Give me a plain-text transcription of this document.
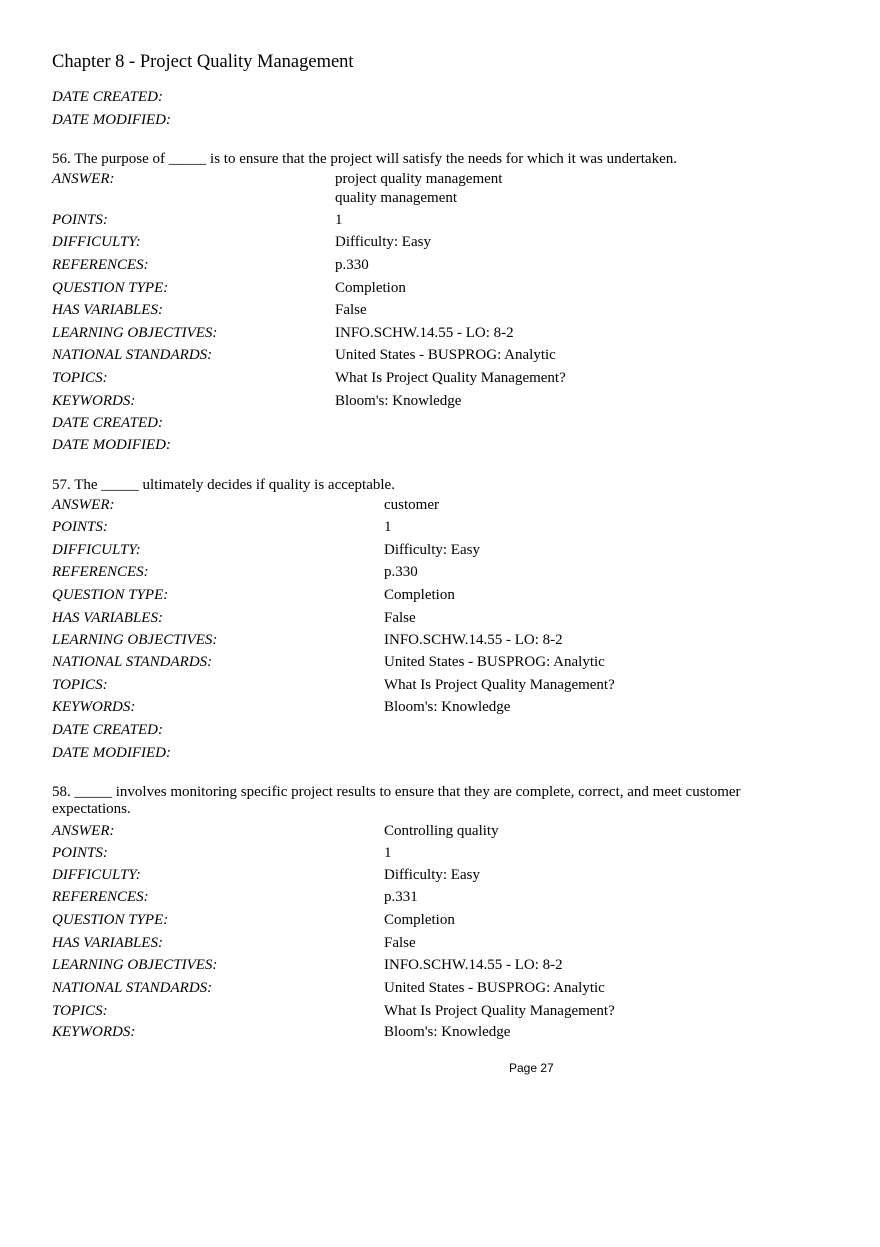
Chapter 8 - Project Quality Management
DATE CREATED:
DATE MODIFIED:
56. The purpose of _____ is to ensure that the project will satisfy the needs for which it was undertaken.
ANSWER:	project quality management
quality management
POINTS:	1
DIFFICULTY:	Difficulty: Easy
REFERENCES:	p.330
QUESTION TYPE:	Completion
HAS VARIABLES:	False
LEARNING OBJECTIVES:	INFO.SCHW.14.55 - LO: 8-2
NATIONAL STANDARDS:	United States - BUSPROG: Analytic
TOPICS:	What Is Project Quality Management?
KEYWORDS:	Bloom's: Knowledge
DATE CREATED:
DATE MODIFIED:
57. The _____ ultimately decides if quality is acceptable.
ANSWER:	customer
POINTS:	1
DIFFICULTY:	Difficulty: Easy
REFERENCES:	p.330
QUESTION TYPE:	Completion
HAS VARIABLES:	False
LEARNING OBJECTIVES:	INFO.SCHW.14.55 - LO: 8-2
NATIONAL STANDARDS:	United States - BUSPROG: Analytic
TOPICS:	What Is Project Quality Management?
KEYWORDS:	Bloom's: Knowledge
DATE CREATED:
DATE MODIFIED:
58. _____ involves monitoring specific project results to ensure that they are complete, correct, and meet customer expectations.
ANSWER:	Controlling quality
POINTS:	1
DIFFICULTY:	Difficulty: Easy
REFERENCES:	p.331
QUESTION TYPE:	Completion
HAS VARIABLES:	False
LEARNING OBJECTIVES:	INFO.SCHW.14.55 - LO: 8-2
NATIONAL STANDARDS:	United States - BUSPROG: Analytic
TOPICS:	What Is Project Quality Management?
KEYWORDS:	Bloom's: Knowledge
Page 27
